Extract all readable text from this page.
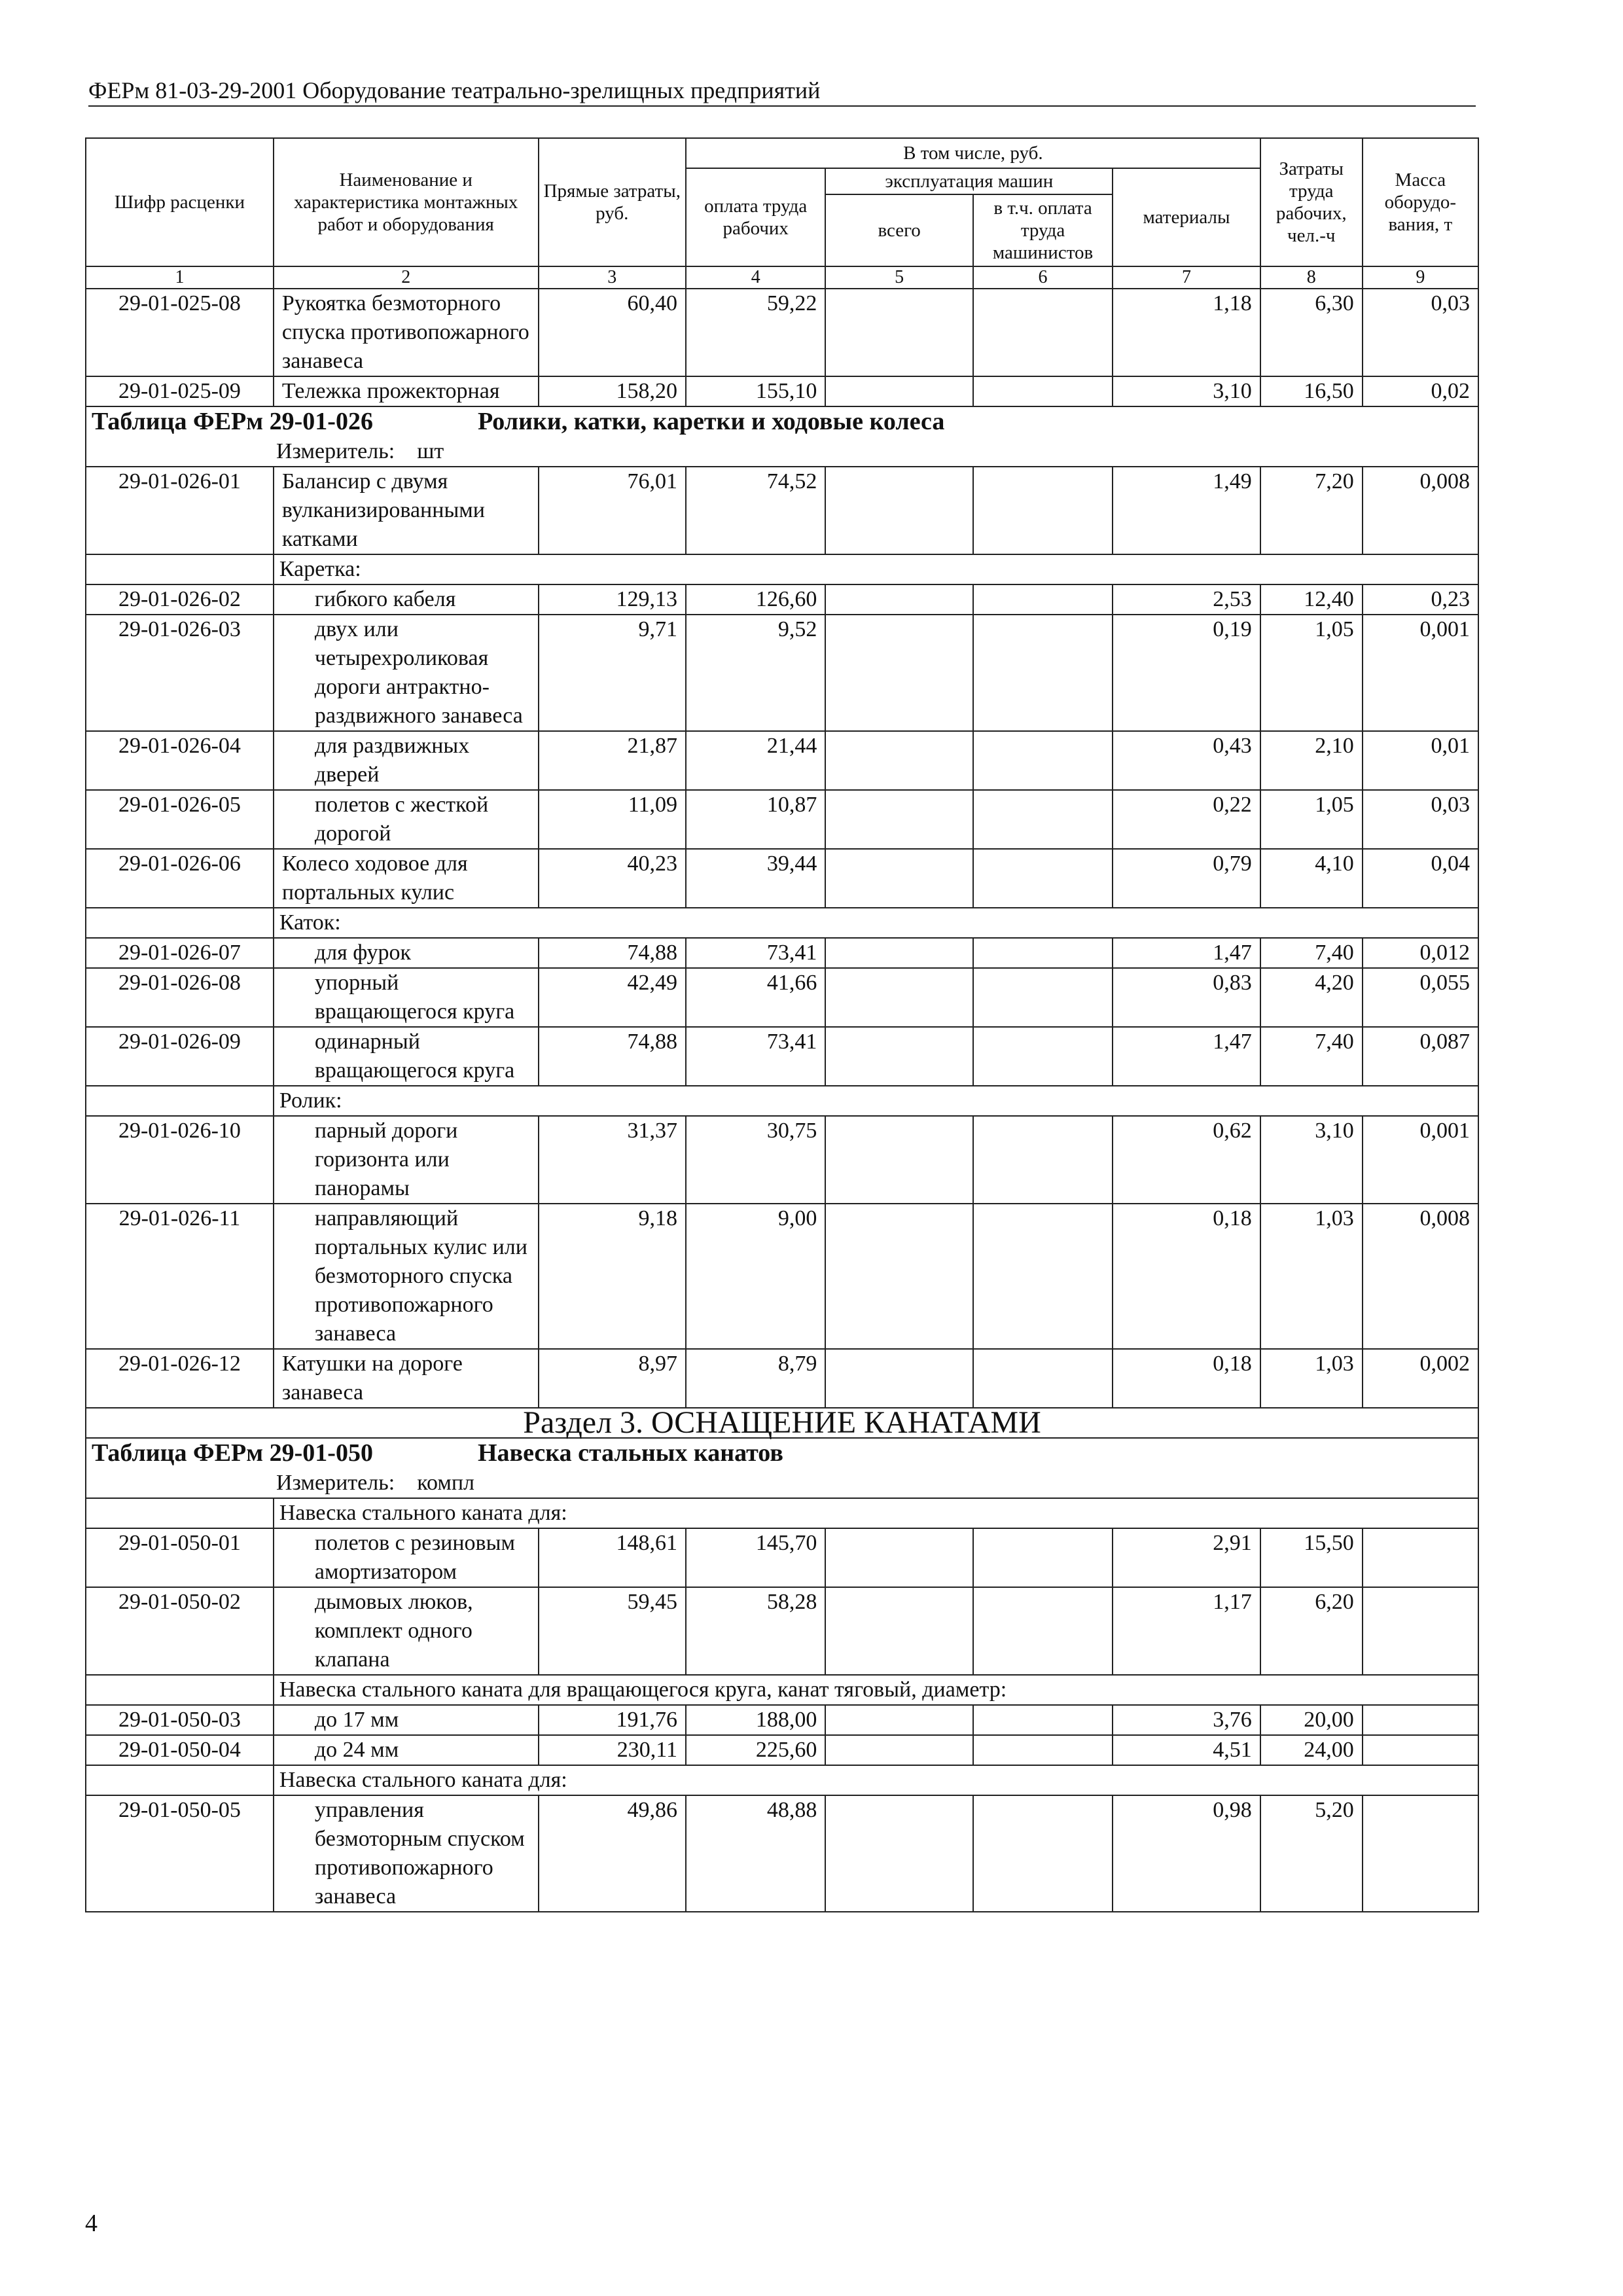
ФЕРм 81-03-29-2001 Оборудование театрально-зрелищных предприятий
Шифр расценки	Наименование и характеристика монтажных работ и оборудования	Прямые затраты, руб.	В том числе, руб.				Затраты труда рабочих, чел.-ч	Масса оборудо-вания, т
			оплата труда рабочих	эксплуатация машин		материалы		
				всего	в т.ч. оплата труда машинистов			
1	2	3	4	5	6	7	8	9
29-01-025-08	Рукоятка безмоторного спуска противопожарного занавеса	60,40	59,22			1,18	6,30	0,03
29-01-025-09	Тележка прожекторная	158,20	155,10			3,10	16,50	0,02
Таблица ФЕРм 29-01-026 Ролики, катки, каретки и ходовые колеса
Измеритель: шт								

29-01-026-01	Балансир с двумя вулканизированными катками	76,01	74,52			1,49	7,20	0,008
	Каретка:							
29-01-026-02	гибкого кабеля	129,13	126,60			2,53	12,40	0,23
29-01-026-03	двух или четырехроликовая дороги антрактно-раздвижного занавеса	9,71	9,52			0,19	1,05	0,001
29-01-026-04	для раздвижных дверей	21,87	21,44			0,43	2,10	0,01
29-01-026-05	полетов с жесткой дорогой	11,09	10,87			0,22	1,05	0,03
29-01-026-06	Колесо ходовое для портальных кулис	40,23	39,44			0,79	4,10	0,04
	Каток:							
29-01-026-07	для фурок	74,88	73,41			1,47	7,40	0,012
29-01-026-08	упорный вращающегося круга	42,49	41,66			0,83	4,20	0,055
29-01-026-09	одинарный вращающегося круга	74,88	73,41			1,47	7,40	0,087
	Ролик:							
29-01-026-10	парный дороги горизонта или панорамы	31,37	30,75			0,62	3,10	0,001
29-01-026-11	направляющий портальных кулис или безмоторного спуска противопожарного занавеса	9,18	9,00			0,18	1,03	0,008
29-01-026-12	Катушки на дороге занавеса	8,97	8,79			0,18	1,03	0,002
Раздел 3. ОСНАЩЕНИЕ КАНАТАМИ								
Таблица ФЕРм 29-01-050 Навеска стальных канатов
Измеритель: компл								

	Навеска стального каната для:							
29-01-050-01	полетов с резиновым амортизатором	148,61	145,70			2,91	15,50	
29-01-050-02	дымовых люков, комплект одного клапана	59,45	58,28			1,17	6,20	
	Навеска стального каната для вращающегося круга, канат тяговый, диаметр:							
29-01-050-03	до 17 мм	191,76	188,00			3,76	20,00	
29-01-050-04	до 24 мм	230,11	225,60			4,51	24,00	
	Навеска стального каната для:							
29-01-050-05	управления безмоторным спуском противопожарного занавеса	49,86	48,88			0,98	5,20	
4
